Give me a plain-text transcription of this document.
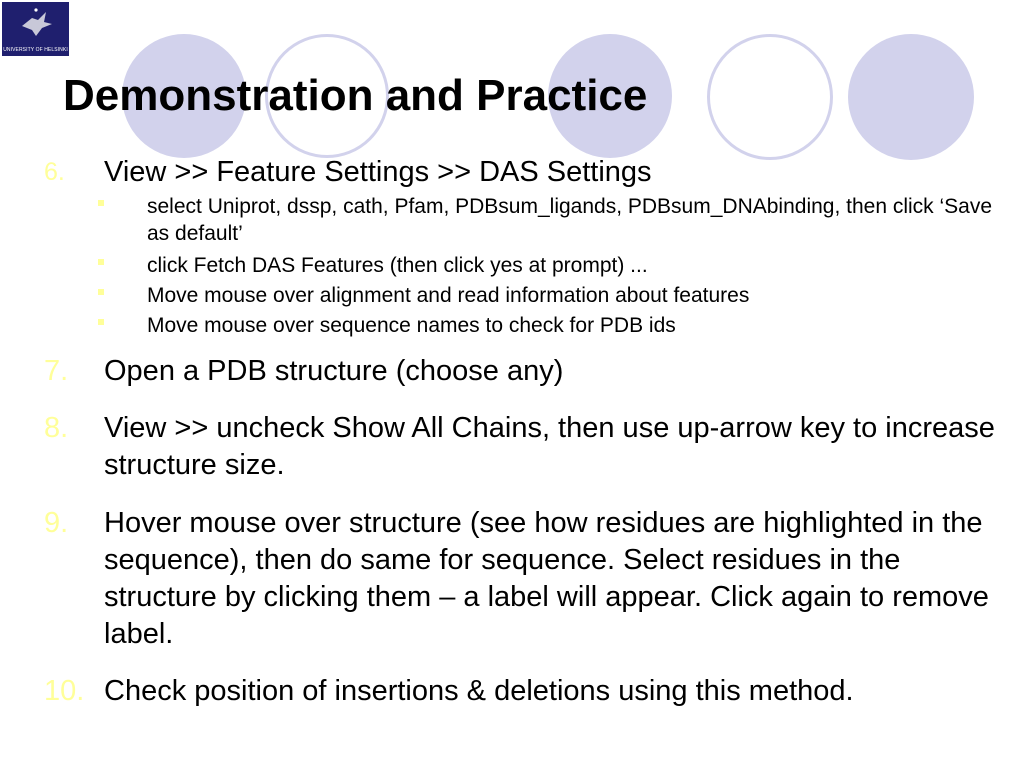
UNIVERSITY OF HELSINKI
Demonstration and Practice
6. View >> Feature Settings >> DAS Settings
select Uniprot, dssp, cath, Pfam, PDBsum_ligands, PDBsum_DNAbinding, then click ‘Save as default’
click Fetch DAS Features (then click yes at prompt) ...
Move mouse over alignment and read information about features
Move mouse over sequence names to check for PDB ids
7. Open a PDB structure (choose any)
8. View >> uncheck Show All Chains, then use up-arrow key to increase structure size.
9. Hover mouse over structure (see how residues are highlighted in the sequence), then do same for sequence. Select residues in the structure by clicking them – a label will appear. Click again to remove label.
10. Check position of insertions & deletions using this method.
